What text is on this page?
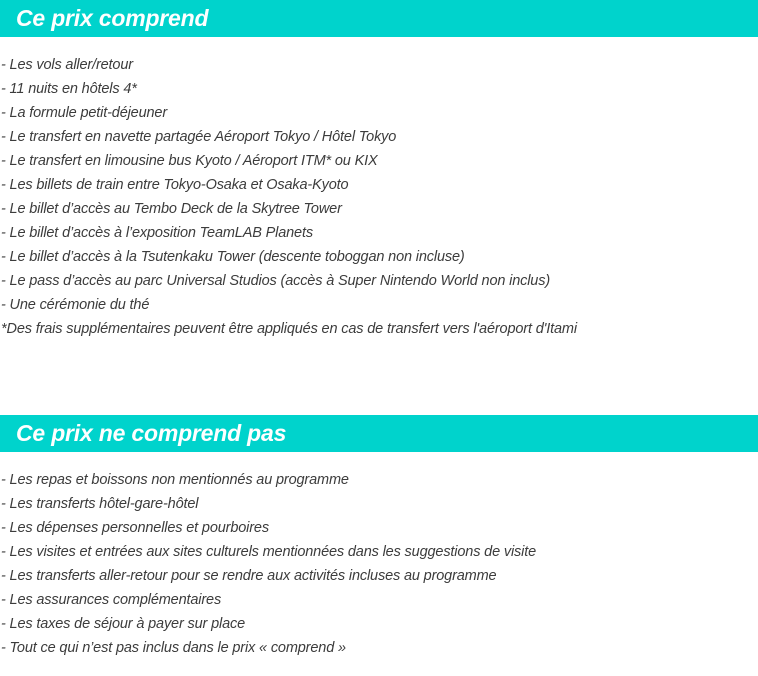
Ce prix comprend
- Les vols aller/retour
- 11 nuits en hôtels 4*
- La formule petit-déjeuner
- Le transfert en navette partagée Aéroport Tokyo / Hôtel Tokyo
- Le transfert en limousine bus Kyoto / Aéroport ITM* ou KIX
- Les billets de train entre Tokyo-Osaka et Osaka-Kyoto
- Le billet d’accès au Tembo Deck de la Skytree Tower
- Le billet d’accès à l’exposition TeamLAB Planets
- Le billet d’accès à la Tsutenkaku Tower (descente toboggan non incluse)
- Le pass d’accès au parc Universal Studios (accès à Super Nintendo World non inclus)
- Une cérémonie du thé
*Des frais supplémentaires peuvent être appliqués en cas de transfert vers l'aéroport d'Itami
Ce prix ne comprend pas
- Les repas et boissons non mentionnés au programme
- Les transferts hôtel-gare-hôtel
- Les dépenses personnelles et pourboires
- Les visites et entrées aux sites culturels mentionnées dans les suggestions de visite
- Les transferts aller-retour pour se rendre aux activités incluses au programme
- Les assurances complémentaires
- Les taxes de séjour à payer sur place
- Tout ce qui n’est pas inclus dans le prix « comprend »
